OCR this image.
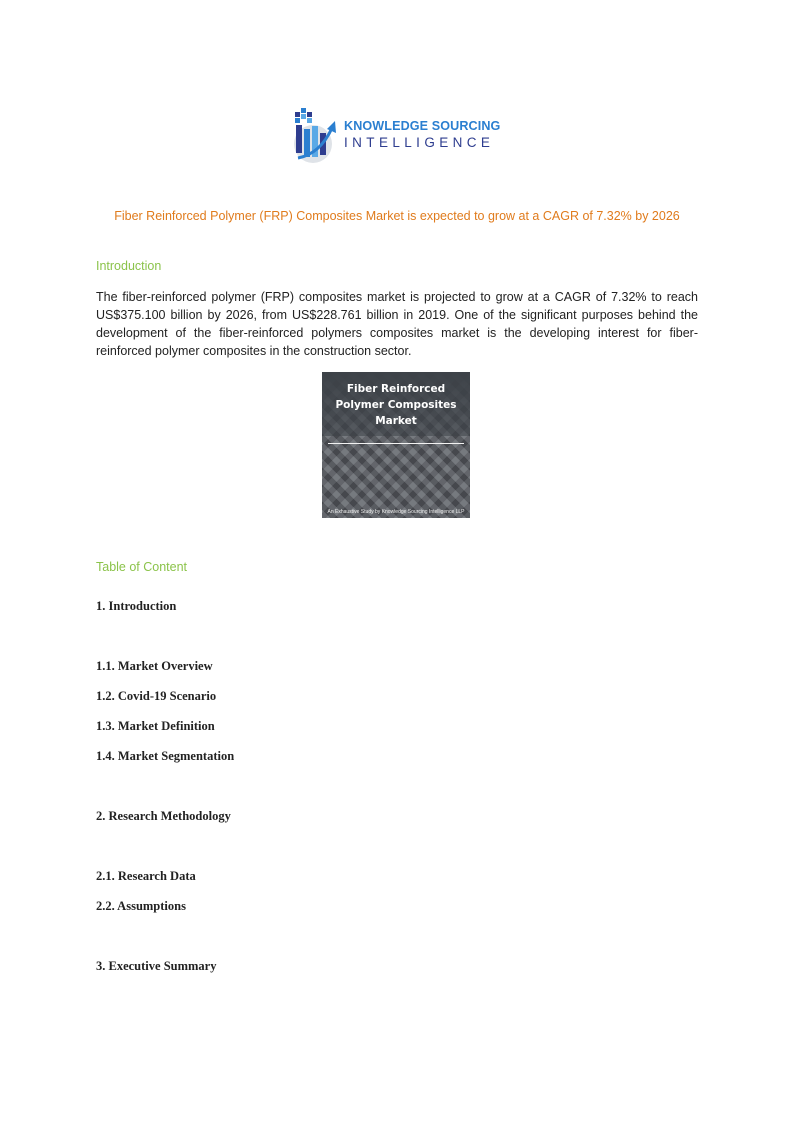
KNOWLEDGE SOURCING
INTELLIGENCE
Fiber Reinforced Polymer (FRP) Composites Market is expected to grow at a CAGR of 7.32% by 2026
Introduction
The fiber-reinforced polymer (FRP) composites market is projected to grow at a CAGR of 7.32% to reach US$375.100 billion by 2026, from US$228.761 billion in 2019. One of the significant purposes behind the development of the fiber-reinforced polymers composites market is the developing interest for fiber-reinforced polymer composites in the construction sector.
Fiber Reinforced Polymer Composites Market
An Exhaustive Study by Knowledge Sourcing Intelligence LLP
Table of Content
1. Introduction
1.1. Market Overview
1.2. Covid-19 Scenario
1.3. Market Definition
1.4. Market Segmentation
2. Research Methodology
2.1. Research Data
2.2. Assumptions
3. Executive Summary
